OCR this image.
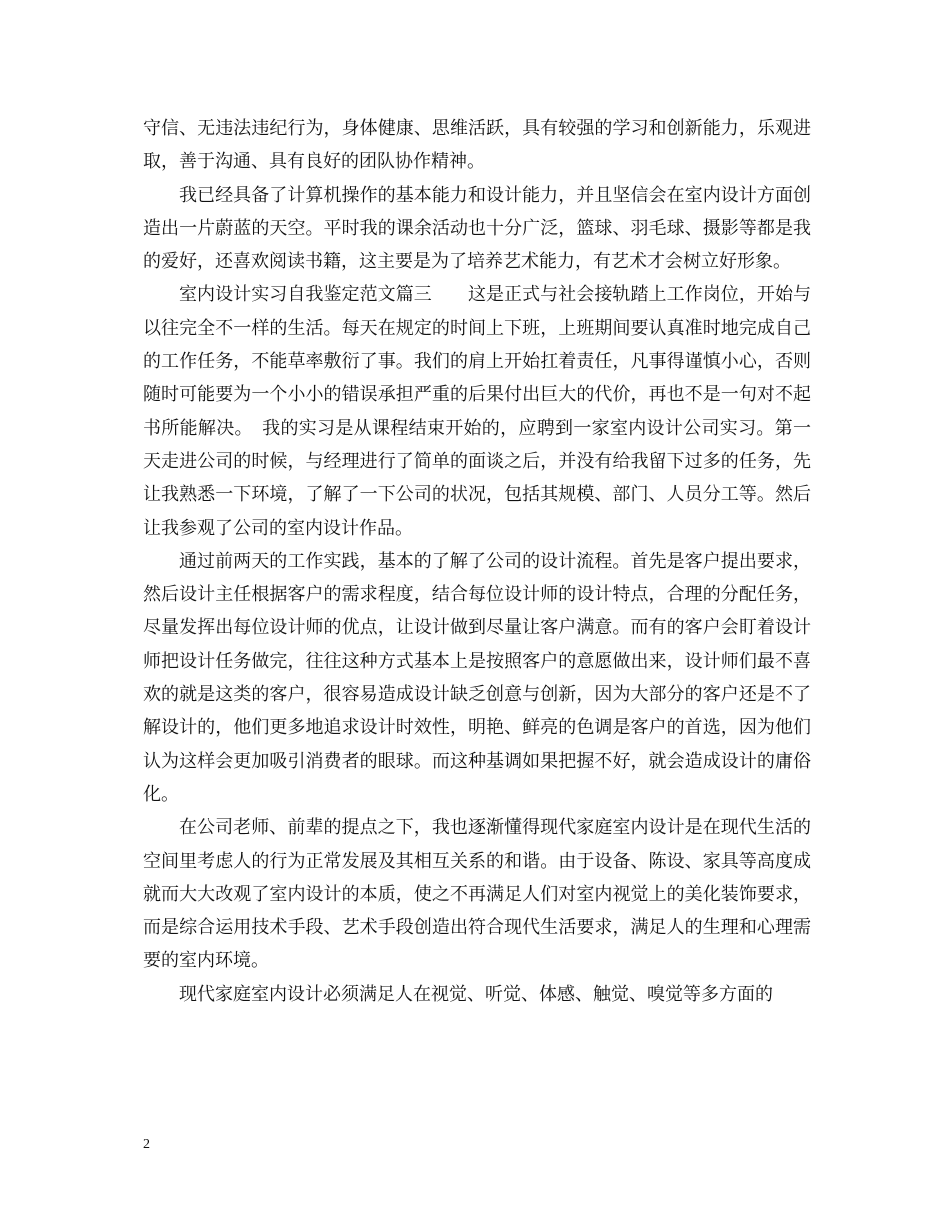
守信、无违法违纪行为，身体健康、思维活跃，具有较强的学习和创新能力，乐观进取，善于沟通、具有良好的团队协作精神。

我已经具备了计算机操作的基本能力和设计能力，并且坚信会在室内设计方面创造出一片蔚蓝的天空。平时我的课余活动也十分广泛，篮球、羽毛球、摄影等都是我的爱好，还喜欢阅读书籍，这主要是为了培养艺术能力，有艺术才会树立好形象。

室内设计实习自我鉴定范文篇三　　这是正式与社会接轨踏上工作岗位，开始与以往完全不一样的生活。每天在规定的时间上下班，上班期间要认真准时地完成自己的工作任务，不能草率敷衍了事。我们的肩上开始扛着责任，凡事得谨慎小心，否则随时可能要为一个小小的错误承担严重的后果付出巨大的代价，再也不是一句对不起书所能解决。　我的实习是从课程结束开始的，应聘到一家室内设计公司实习。第一天走进公司的时候，与经理进行了简单的面谈之后，并没有给我留下过多的任务，先让我熟悉一下环境，了解了一下公司的状况，包括其规模、部门、人员分工等。然后让我参观了公司的室内设计作品。

通过前两天的工作实践，基本的了解了公司的设计流程。首先是客户提出要求，然后设计主任根据客户的需求程度，结合每位设计师的设计特点，合理的分配任务，尽量发挥出每位设计师的优点，让设计做到尽量让客户满意。而有的客户会盯着设计师把设计任务做完，往往这种方式基本上是按照客户的意愿做出来，设计师们最不喜欢的就是这类的客户，很容易造成设计缺乏创意与创新，因为大部分的客户还是不了解设计的，他们更多地追求设计时效性，明艳、鲜亮的色调是客户的首选，因为他们认为这样会更加吸引消费者的眼球。而这种基调如果把握不好，就会造成设计的庸俗化。

在公司老师、前辈的提点之下，我也逐渐懂得现代家庭室内设计是在现代生活的空间里考虑人的行为正常发展及其相互关系的和谐。由于设备、陈设、家具等高度成就而大大改观了室内设计的本质，使之不再满足人们对室内视觉上的美化装饰要求，而是综合运用技术手段、艺术手段创造出符合现代生活要求，满足人的生理和心理需要的室内环境。

现代家庭室内设计必须满足人在视觉、听觉、体感、触觉、嗅觉等多方面的

2
